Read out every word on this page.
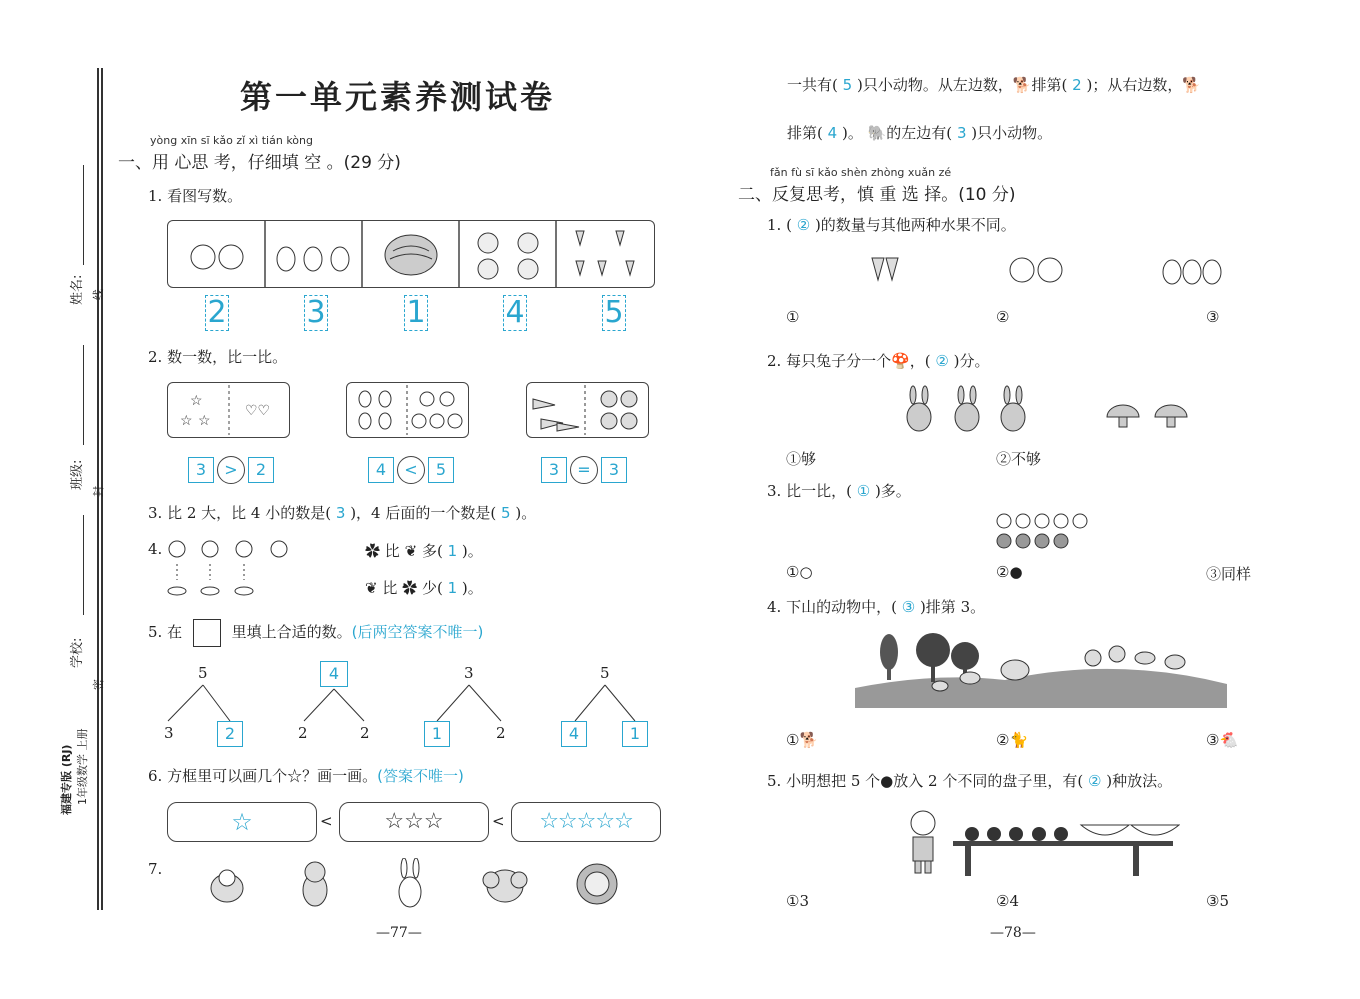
姓名: 线
班级:
封
学校:
密
福建专版 (RJ) 1年级数学 上册
第一单元素养测试卷
yòng xīn sī kǎo zǐ xì tián kòng
一、用 心思 考，仔细填 空 。(29 分)
1. 看图写数。
2	3	1	4	5
2. 数一数，比一比。
☆
☆ ☆
♡♡
3	>	2	4	<	5	3	=	3
3. 比 2 大，比 4 小的数是( 3 )，4 后面的一个数是( 5 )。
4.	✿ 比 ❦ 多( 1 )。
❦ 比 ✿ 少( 1 )。
5. 在	里填上合适的数。(后两空答案不唯一)
5
3	2
4
2	2
3
1	2
5
4	1
6. 方框里可以画几个☆？画一画。(答案不唯一)
☆	<	☆☆☆	<	☆☆☆☆☆
7.
—77—
一共有( 5 )只小动物。从左边数，🐕排第( 2 )；从右边数，🐕
排第( 4 )。 🐘的左边有( 3 )只小动物。
fǎn fù sī kǎo shèn zhòng xuǎn zé
二、反复思考，慎 重 选 择。(10 分)
1. ( ② )的数量与其他两种水果不同。
①	②	③
2. 每只兔子分一个🍄，( ② )分。
①够	②不够
3. 比一比，( ① )多。
①○	②●	③同样
4. 下山的动物中，( ③ )排第 3。
①🐕	②🐈	③🐔
5. 小明想把 5 个●放入 2 个不同的盘子里，有( ② )种放法。
①3	②4	③5
—78—
